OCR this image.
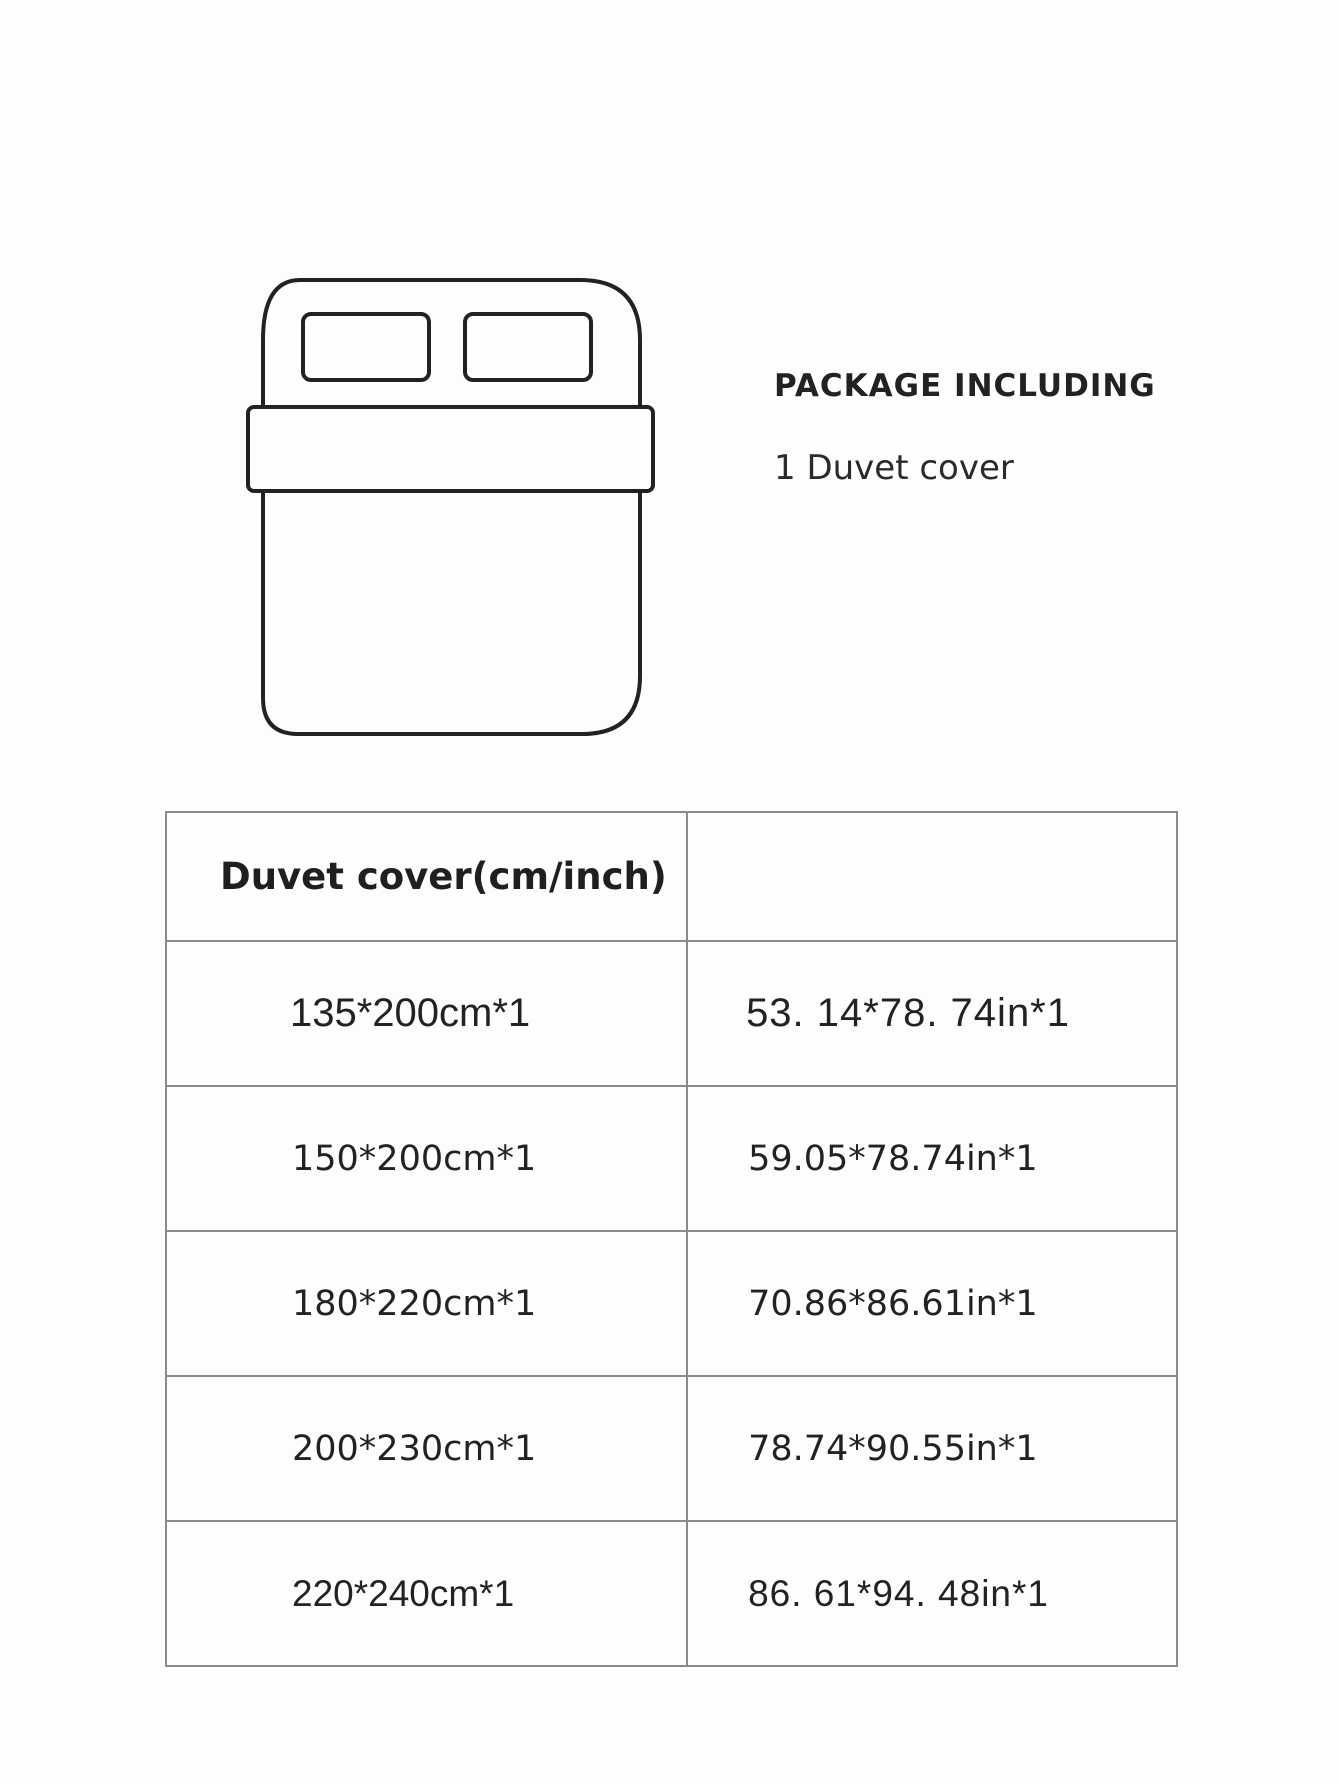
PACKAGE INCLUDING
1 Duvet cover
Duvet cover(cm/inch)	

135*200cm*1	53. 14*78. 74in*1

150*200cm*1	59.05*78.74in*1

180*220cm*1	70.86*86.61in*1

200*230cm*1	78.74*90.55in*1

220*240cm*1	86. 61*94. 48in*1
